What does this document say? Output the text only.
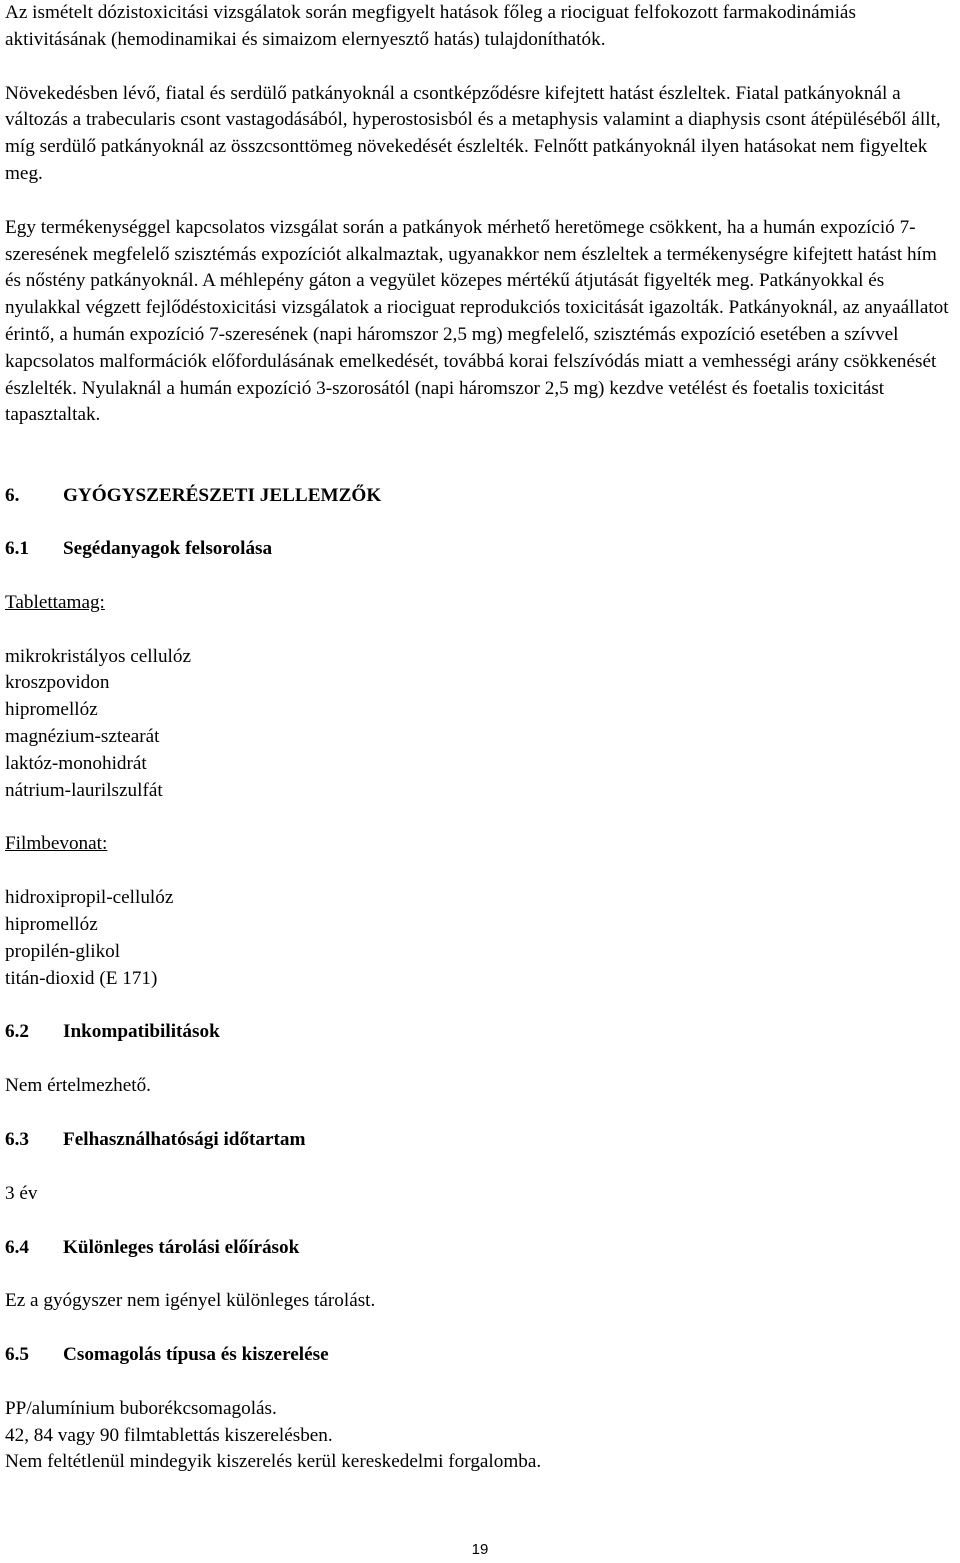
Az ismételt dózistoxicitási vizsgálatok során megfigyelt hatások főleg a riociguat felfokozott farmakodinámiás aktivitásának (hemodinamikai és simaizom elernyesztő hatás) tulajdoníthatók.

Növekedésben lévő, fiatal és serdülő patkányoknál a csontképződésre kifejtett hatást észleltek. Fiatal patkányoknál a változás a trabecularis csont vastagodásából, hyperostosisból és a metaphysis valamint a diaphysis csont átépüléséből állt, míg serdülő patkányoknál az összcsonttömeg növekedését észlelték. Felnőtt patkányoknál ilyen hatásokat nem figyeltek meg.

Egy termékenységgel kapcsolatos vizsgálat során a patkányok mérhető heretömege csökkent, ha a humán expozíció 7-szeresének megfelelő szisztémás expozíciót alkalmaztak, ugyanakkor nem észleltek a termékenységre kifejtett hatást hím és nőstény patkányoknál. A méhlepény gáton a vegyület közepes mértékű átjutását figyelték meg. Patkányokkal és nyulakkal végzett fejlődéstoxicitási vizsgálatok a riociguat reprodukciós toxicitását igazolták. Patkányoknál, az anyaállatot érintő, a humán expozíció 7-szeresének (napi háromszor 2,5 mg) megfelelő, szisztémás expozíció esetében a szívvel kapcsolatos malformációk előfordulásának emelkedését, továbbá korai felszívódás miatt a vemhességi arány csökkenését észlelték. Nyulaknál a humán expozíció 3-szorosától (napi háromszor 2,5 mg) kezdve vetélést és foetalis toxicitást tapasztaltak.

6.	GYÓGYSZERÉSZETI JELLEMZŐK
6.1	Segédanyagok felsorolása

Tablettamag:

mikrokristályos cellulóz
kroszpovidon
hipromellóz
magnézium-sztearát
laktóz-monohidrát
nátrium-laurilszulfát

Filmbevonat:

hidroxipropil-cellulóz
hipromellóz
propilén-glikol
titán-dioxid (E 171)
6.2	Inkompatibilitások

Nem értelmezhető.

6.3	Felhasználhatósági időtartam

3 év

6.4	Különleges tárolási előírások

Ez a gyógyszer nem igényel különleges tárolást.

6.5	Csomagolás típusa és kiszerelése
PP/alumínium buborékcsomagolás.
42, 84 vagy 90 filmtablettás kiszerelésben.
Nem feltétlenül mindegyik kiszerelés kerül kereskedelmi forgalomba.
19
